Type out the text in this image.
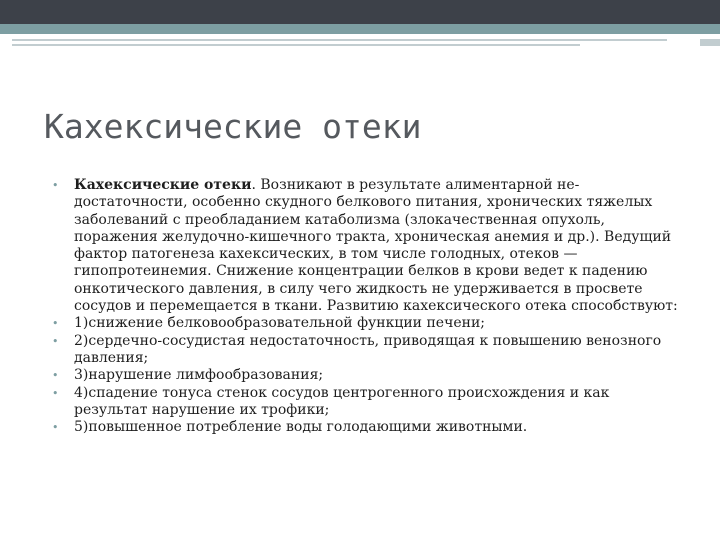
Кахексические отеки
• Кахексические отеки. Возникают в результате алиментарной не-достаточности, особенно скудного белкового питания, хронических тяжелых заболеваний с преобладанием катаболизма (злокачественная опухоль, поражения желудочно-кишечного тракта, хроническая анемия и др.). Ведущий фактор патогенеза кахексических, в том числе голодных, отеков — гипопротеинемия. Снижение концентрации белков в крови ведет к падению онкотического давления, в силу чего жидкость не удерживается в просвете сосудов и перемещается в ткани. Развитию кахексического отека способствуют:
• 1)снижение белковообразовательной функции печени;
• 2)сердечно-сосудистая недостаточность, приводящая к повышению венозного давления;
• 3)нарушение лимфообразования;
• 4)спадение тонуса стенок сосудов центрогенного происхождения и как результат нарушение их трофики;
• 5)повышенное потребление воды голодающими животными.
